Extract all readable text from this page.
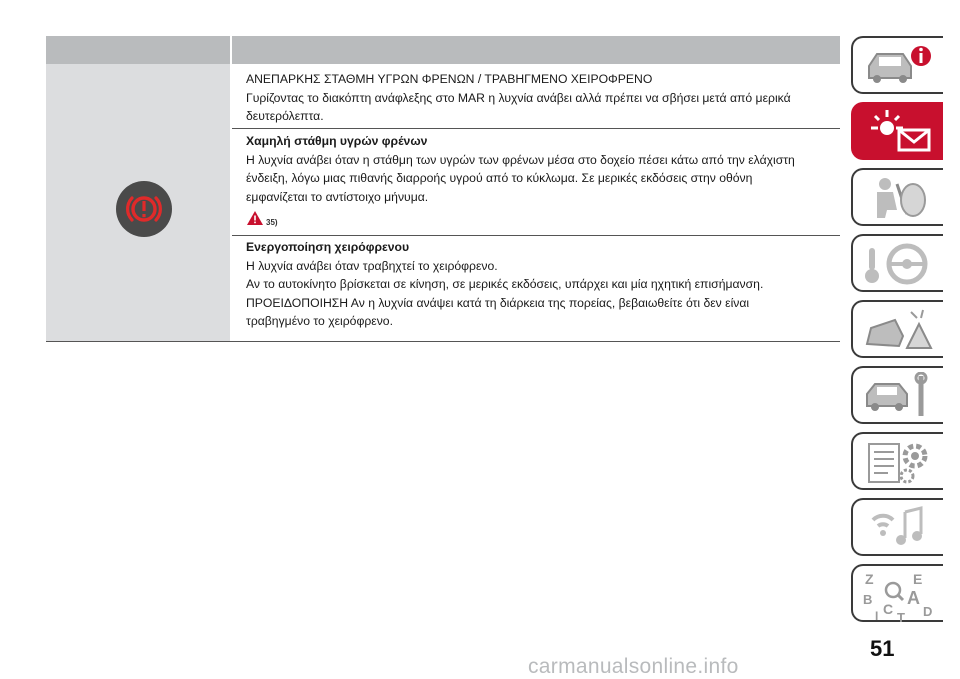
ΑΝΕΠΑΡΚΗΣ ΣΤΑΘΜΗ ΥΓΡΩΝ ΦΡΕΝΩΝ / ΤΡΑΒΗΓΜΕΝΟ ΧΕΙΡΟΦΡΕΝΟ

Γυρίζοντας το διακόπτη ανάφλεξης στο MAR η λυχνία ανάβει αλλά πρέπει να σβήσει μετά από μερικά

δευτερόλεπτα.

Χαμηλή στάθμη υγρών φρένων

Η λυχνία ανάβει όταν η στάθμη των υγρών των φρένων μέσα στο δοχείο πέσει κάτω από την ελάχιστη

ένδειξη, λόγω μιας πιθανής διαρροής υγρού από το κύκλωμα. Σε μερικές εκδόσεις στην οθόνη

εμφανίζεται το αντίστοιχο μήνυμα.

35)

Ενεργοποίηση χειρόφρενου

Η λυχνία ανάβει όταν τραβηχτεί το χειρόφρενο.

Αν το αυτοκίνητο βρίσκεται σε κίνηση, σε μερικές εκδόσεις, υπάρχει και μία ηχητική επισήμανση.

ΠΡΟΕΙΔΟΠΟΙΗΣΗ Αν η λυχνία ανάψει κατά τη διάρκεια της πορείας, βεβαιωθείτε ότι δεν είναι

τραβηγμένο το χειρόφρενο.

Z	E
A
B
C D
T
I
51
carmanualsonline.info
